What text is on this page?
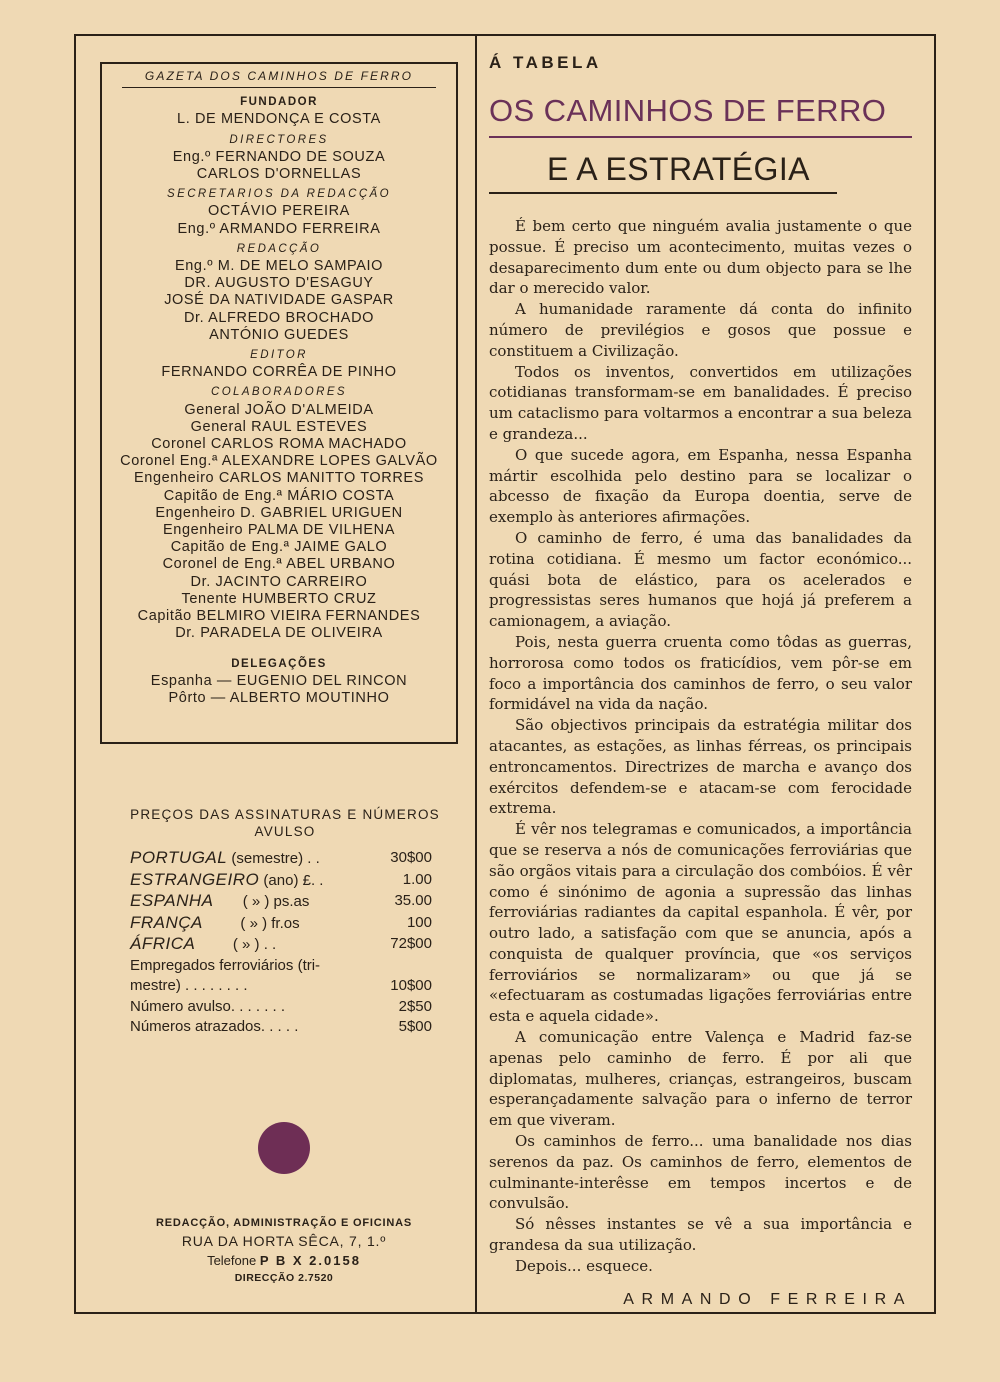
GAZETA DOS CAMINHOS DE FERRO
FUNDADOR
L. DE MENDONÇA E COSTA
DIRECTORES
Eng.º FERNANDO DE SOUZA
CARLOS D'ORNELLAS
SECRETARIOS DA REDACÇÃO
OCTÁVIO PEREIRA
Eng.º ARMANDO FERREIRA
REDACÇÃO
Eng.º M. DE MELO SAMPAIO
DR. AUGUSTO D'ESAGUY
JOSÉ DA NATIVIDADE GASPAR
Dr. ALFREDO BROCHADO
ANTÓNIO GUEDES
EDITOR
FERNANDO CORRÊA DE PINHO
COLABORADORES
General JOÃO D'ALMEIDA
General RAUL ESTEVES
Coronel CARLOS ROMA MACHADO
Coronel Eng.ª ALEXANDRE LOPES GALVÃO
Engenheiro CARLOS MANITTO TORRES
Capitão de Eng.ª MÁRIO COSTA
Engenheiro D. GABRIEL URIGUEN
Engenheiro PALMA DE VILHENA
Capitão de Eng.ª JAIME GALO
Coronel de Eng.ª ABEL URBANO
Dr. JACINTO CARREIRO
Tenente HUMBERTO CRUZ
Capitão BELMIRO VIEIRA FERNANDES
Dr. PARADELA DE OLIVEIRA
DELEGAÇÕES
Espanha — EUGENIO DEL RINCON
Pôrto — ALBERTO MOUTINHO
PREÇOS DAS ASSINATURAS E NÚMEROS
AVULSO
PORTUGAL (semestre) . .	30$00
ESTRANGEIRO (ano) £. .	1.00
ESPANHA ( » ) ps.as	35.00
FRANÇA	( » ) fr.os	100
ÁFRICA	( » ) . .	72$00
Empregados ferroviários (tri-
mestre) . . . . . . . .	10$00
Número avulso. . . . . . .	2$50
Números atrazados. . . . .	5$00
REDACÇÃO, ADMINISTRAÇÃO E OFICINAS
RUA DA HORTA SÊCA, 7, 1.º
Telefone P B X 2.0158
DIRECÇÃO 2.7520
Á TABELA
OS CAMINHOS DE FERRO
E A ESTRATÉGIA

É bem certo que ninguém avalia justamente o que possue. É preciso um acontecimento, muitas vezes o desaparecimento dum ente ou dum objecto para se lhe dar o merecido valor.

A humanidade raramente dá conta do infinito número de previlégios e gosos que possue e constituem a Civilização.

Todos os inventos, convertidos em utilizações cotidianas transformam-se em banalidades. É preciso um cataclismo para voltarmos a encontrar a sua beleza e grandeza...

O que sucede agora, em Espanha, nessa Espanha mártir escolhida pelo destino para se localizar o abcesso de fixação da Europa doentia, serve de exemplo às anteriores afirmações.

O caminho de ferro, é uma das banalidades da rotina cotidiana. É mesmo um factor económico... quási bota de elástico, para os acelerados e progressistas seres humanos que hojá já preferem a camionagem, a aviação.

Pois, nesta guerra cruenta como tôdas as guerras, horrorosa como todos os fraticídios, vem pôr-se em foco a importância dos caminhos de ferro, o seu valor formidável na vida da nação.

São objectivos principais da estratégia militar dos atacantes, as estações, as linhas férreas, os principais entroncamentos. Directrizes de marcha e avanço dos exércitos defendem-se e atacam-se com ferocidade extrema.

É vêr nos telegramas e comunicados, a importância que se reserva a nós de comunicações ferroviárias que são orgãos vitais para a circulação dos combóios. É vêr como é sinónimo de agonia a supressão das linhas ferroviárias radiantes da capital espanhola. É vêr, por outro lado, a satisfação com que se anuncia, após a conquista de qualquer província, que «os serviços ferroviários se normalizaram» ou que já se «efectuaram as costumadas ligações ferroviárias entre esta e aquela cidade».

A comunicação entre Valença e Madrid faz-se apenas pelo caminho de ferro. É por ali que diplomatas, mulheres, crianças, estrangeiros, buscam esperançadamente salvação para o inferno de terror em que viveram.

Os caminhos de ferro... uma banalidade nos dias serenos da paz. Os caminhos de ferro, elementos de culminante-interêsse em tempos incertos e de convulsão.

Só nêsses instantes se vê a sua importância e grandesa da sua utilização.

Depois... esquece.

ARMANDO FERREIRA
